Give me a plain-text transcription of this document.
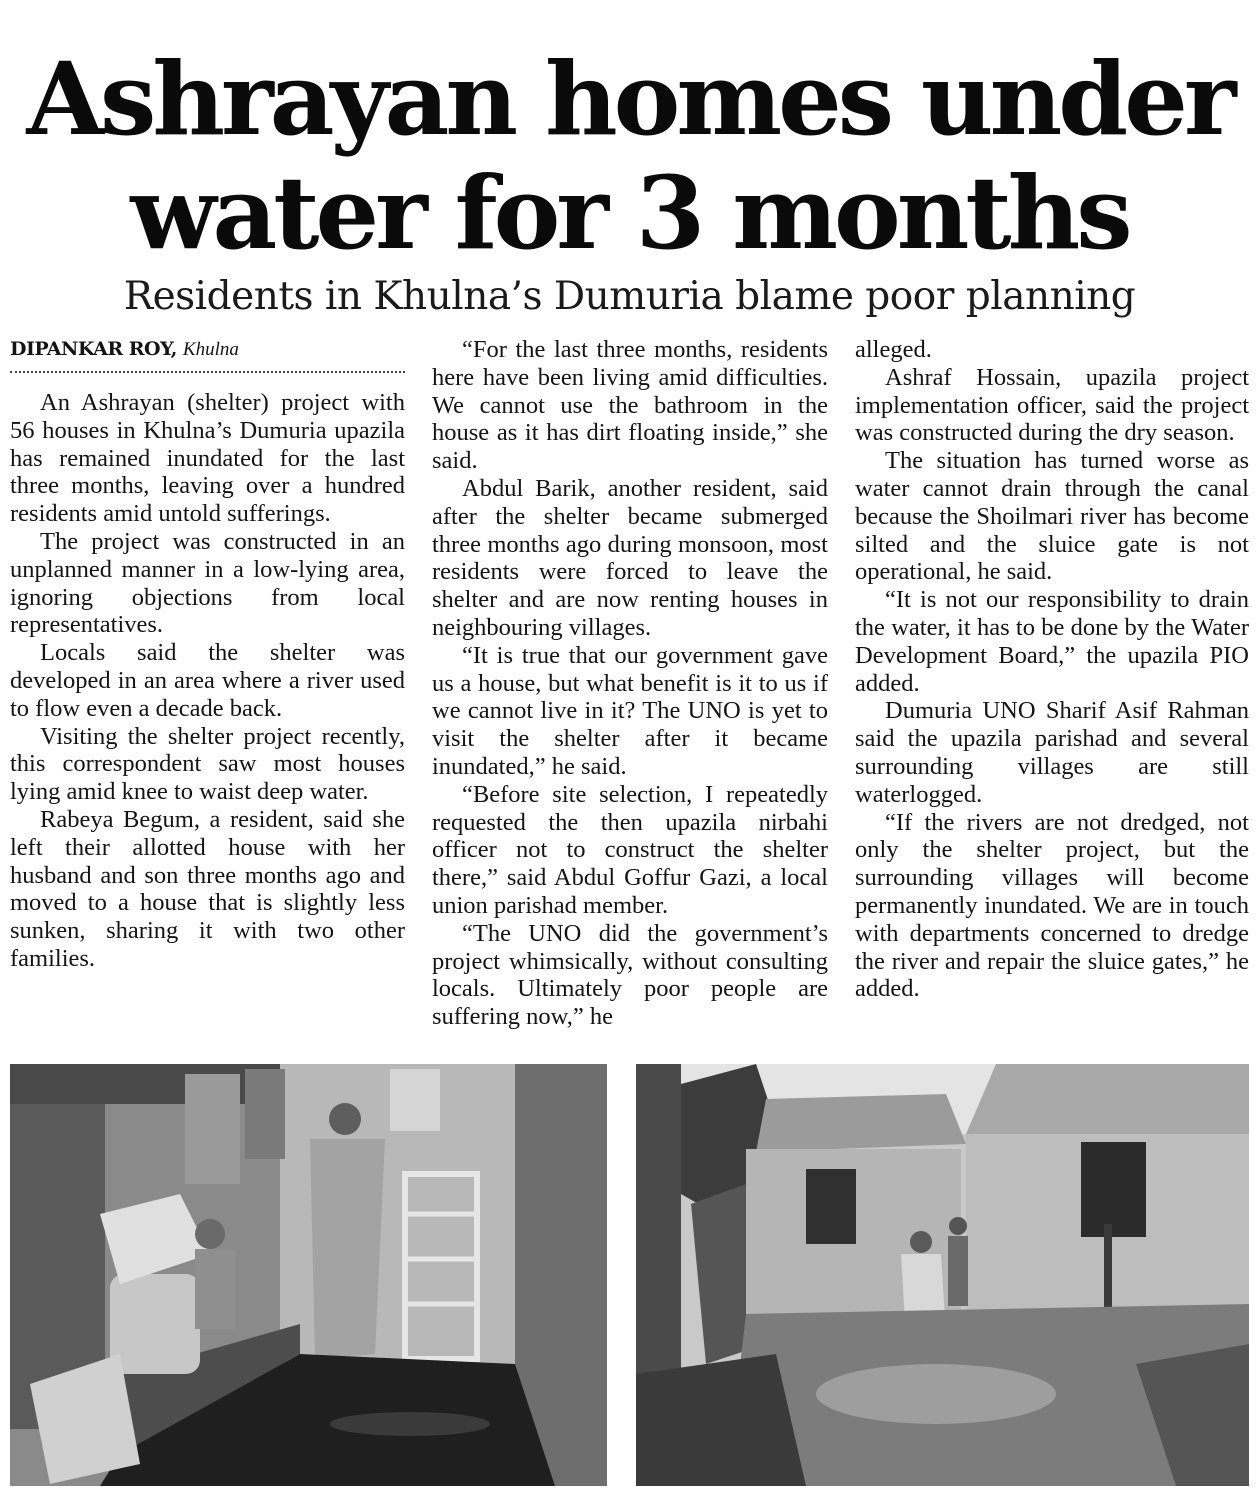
Ashrayan homes under water for 3 months
Residents in Khulna’s Dumuria blame poor planning
DIPANKAR ROY, Khulna

An Ashrayan (shelter) project with 56 houses in Khulna’s Dumuria upazila has remained inundated for the last three months, leaving over a hundred residents amid untold sufferings.

The project was constructed in an unplanned manner in a low-lying area, ignoring objections from local representatives.

Locals said the shelter was developed in an area where a river used to flow even a decade back.

Visiting the shelter project recently, this correspondent saw most houses lying amid knee to waist deep water.

Rabeya Begum, a resident, said she left their allotted house with her husband and son three months ago and moved to a house that is slightly less sunken, sharing it with two other families.

“For the last three months, residents here have been living amid difficulties. We cannot use the bathroom in the house as it has dirt floating inside,” she said.

Abdul Barik, another resident, said after the shelter became submerged three months ago during monsoon, most residents were forced to leave the shelter and are now renting houses in neighbouring villages.

“It is true that our government gave us a house, but what benefit is it to us if we cannot live in it? The UNO is yet to visit the shelter after it became inundated,” he said.

“Before site selection, I repeatedly requested the then upazila nirbahi officer not to construct the shelter there,” said Abdul Goffur Gazi, a local union parishad member.

“The UNO did the government’s project whimsically, without consulting locals. Ultimately poor people are suffering now,” he

alleged.

Ashraf Hossain, upazila project implementation officer, said the project was constructed during the dry season.

The situation has turned worse as water cannot drain through the canal because the Shoilmari river has become silted and the sluice gate is not operational, he said.

“It is not our responsibility to drain the water, it has to be done by the Water Development Board,” the upazila PIO added.

Dumuria UNO Sharif Asif Rahman said the upazila parishad and several surrounding villages are still waterlogged.

“If the rivers are not dredged, not only the shelter project, but the surrounding villages will become permanently inundated. We are in touch with departments concerned to dredge the river and repair the sluice gates,” he added.
